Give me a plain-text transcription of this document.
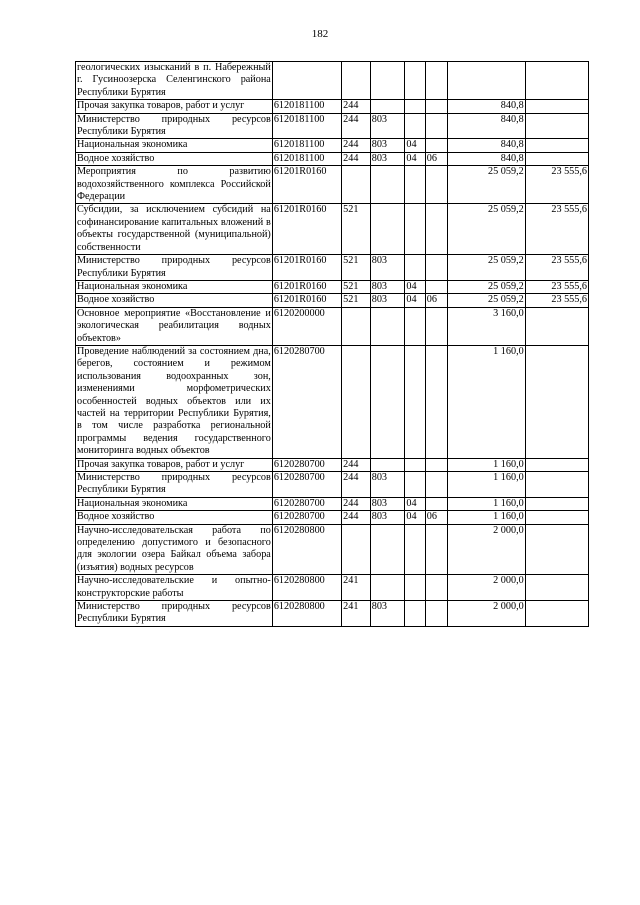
182
геологических изысканий в п. Набережный г. Гусиноозерска Селенгинского района Республики Бурятия							
Прочая закупка товаров, работ и услуг	6120181100	244				840,8	
Министерство природных ресурсов Республики Бурятия	6120181100	244	803			840,8	
Национальная экономика	6120181100	244	803	04		840,8	
Водное хозяйство	6120181100	244	803	04	06	840,8	
Мероприятия по развитию водохозяйственного комплекса Российской Федерации	61201R0160					25 059,2	23 555,6
Субсидии, за исключением субсидий на софинансирование капитальных вложений в объекты государственной (муниципальной) собственности	61201R0160	521				25 059,2	23 555,6
Министерство природных ресурсов Республики Бурятия	61201R0160	521	803			25 059,2	23 555,6
Национальная экономика	61201R0160	521	803	04		25 059,2	23 555,6
Водное хозяйство	61201R0160	521	803	04	06	25 059,2	23 555,6
Основное мероприятие «Восстановление и экологическая реабилитация водных объектов»	6120200000					3 160,0	
Проведение наблюдений за состоянием дна, берегов, состоянием и режимом использования водоохранных зон, изменениями морфометрических особенностей водных объектов или их частей на территории Республики Бурятия, в том числе разработка региональной программы ведения государственного мониторинга водных объектов	6120280700					1 160,0	
Прочая закупка товаров, работ и услуг	6120280700	244				1 160,0	
Министерство природных ресурсов Республики Бурятия	6120280700	244	803			1 160,0	
Национальная экономика	6120280700	244	803	04		1 160,0	
Водное хозяйство	6120280700	244	803	04	06	1 160,0	
Научно-исследовательская работа по определению допустимого и безопасного для экологии озера Байкал объема забора (изъятия) водных ресурсов	6120280800					2 000,0	
Научно-исследовательские и опытно-конструкторские работы	6120280800	241				2 000,0	
Министерство природных ресурсов Республики Бурятия	6120280800	241	803			2 000,0	
